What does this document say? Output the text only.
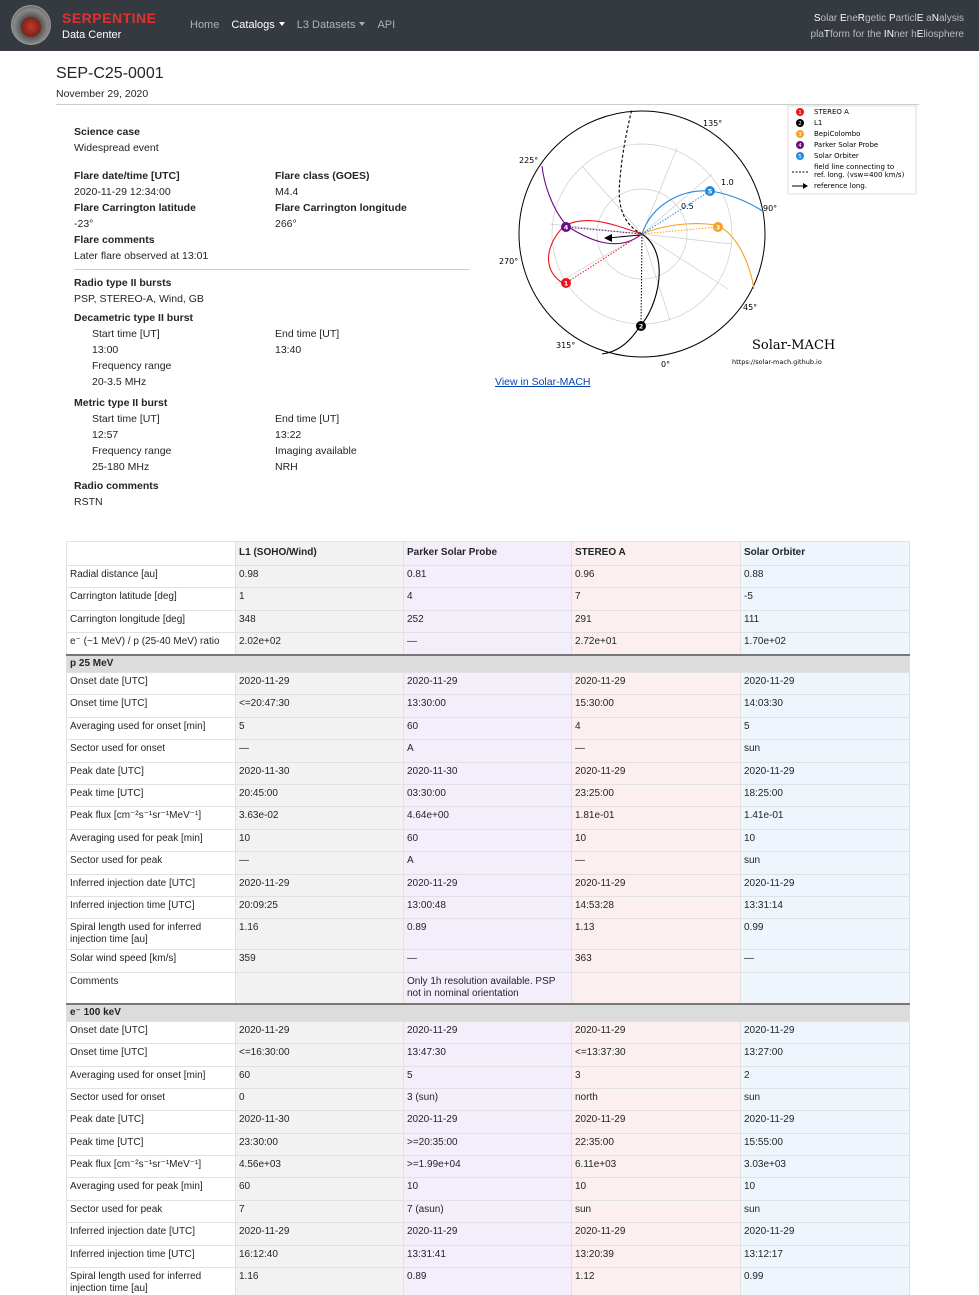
SERPENTINE
Data Center
Home Catalogs	L3 Datasets	API
Solar EneRgetic ParticlE aNalysis
plaTform for the INner hEliosphere
SEP-C25-0001
November 29, 2020
Science case
Widespread event
Flare date/time [UTC]	Flare class (GOES)
2020-11-29 12:34:00	M4.4
Flare Carrington latitude	Flare Carrington longitude
-23°	266°
Flare comments
Later flare observed at 13:01
Radio type II bursts
PSP, STEREO-A, Wind, GB
Decametric type II burst
Start time [UT]	End time [UT]
13:00	13:40
Frequency range
20-3.5 MHz
Metric type II burst
Start time [UT]	End time [UT]
12:57	13:22
Frequency range	Imaging available
25-180 MHz	NRH
Radio comments
RSTN
135°
90°
45°
0°
315°
270°
225°
0.5
1.0
1
2
3
4
5
1 STEREO A
2 L1
3 BepiColombo
4 Parker Solar Probe
5 Solar Orbiter
field line connecting to
ref. long. (vsw=400 km/s)
reference long.
Solar-MACH
https://solar-mach.github.io
View in Solar-MACH
	L1 (SOHO/Wind)	Parker Solar Probe	STEREO A	Solar Orbiter
Radial distance [au]	0.98	0.81	0.96	0.88
Carrington latitude [deg]	1	4	7	-5
Carrington longitude [deg]	348	252	291	111
e⁻ (~1 MeV) / p (25-40 MeV) ratio	2.02e+02	—	2.72e+01	1.70e+02
p 25 MeV				
Onset date [UTC]	2020-11-29	2020-11-29	2020-11-29	2020-11-29
Onset time [UTC]	<=20:47:30	13:30:00	15:30:00	14:03:30
Averaging used for onset [min]	5	60	4	5
Sector used for onset	—	A	—	sun
Peak date [UTC]	2020-11-30	2020-11-30	2020-11-29	2020-11-29
Peak time [UTC]	20:45:00	03:30:00	23:25:00	18:25:00
Peak flux [cm⁻²s⁻¹sr⁻¹MeV⁻¹]	3.63e-02	4.64e+00	1.81e-01	1.41e-01
Averaging used for peak [min]	10	60	10	10
Sector used for peak	—	A	—	sun
Inferred injection date [UTC]	2020-11-29	2020-11-29	2020-11-29	2020-11-29
Inferred injection time [UTC]	20:09:25	13:00:48	14:53:28	13:31:14
Spiral length used for inferred injection time [au]	1.16	0.89	1.13	0.99
Solar wind speed [km/s]	359	—	363	—
Comments		Only 1h resolution available. PSP not in nominal orientation		
e⁻ 100 keV				
Onset date [UTC]	2020-11-29	2020-11-29	2020-11-29	2020-11-29
Onset time [UTC]	<=16:30:00	13:47:30	<=13:37:30	13:27:00
Averaging used for onset [min]	60	5	3	2
Sector used for onset	0	3 (sun)	north	sun
Peak date [UTC]	2020-11-30	2020-11-29	2020-11-29	2020-11-29
Peak time [UTC]	23:30:00	>=20:35:00	22:35:00	15:55:00
Peak flux [cm⁻²s⁻¹sr⁻¹MeV⁻¹]	4.56e+03	>=1.99e+04	6.11e+03	3.03e+03
Averaging used for peak [min]	60	10	10	10
Sector used for peak	7	7 (asun)	sun	sun
Inferred injection date [UTC]	2020-11-29	2020-11-29	2020-11-29	2020-11-29
Inferred injection time [UTC]	16:12:40	13:31:41	13:20:39	13:12:17
Spiral length used for inferred injection time [au]	1.16	0.89	1.12	0.99
